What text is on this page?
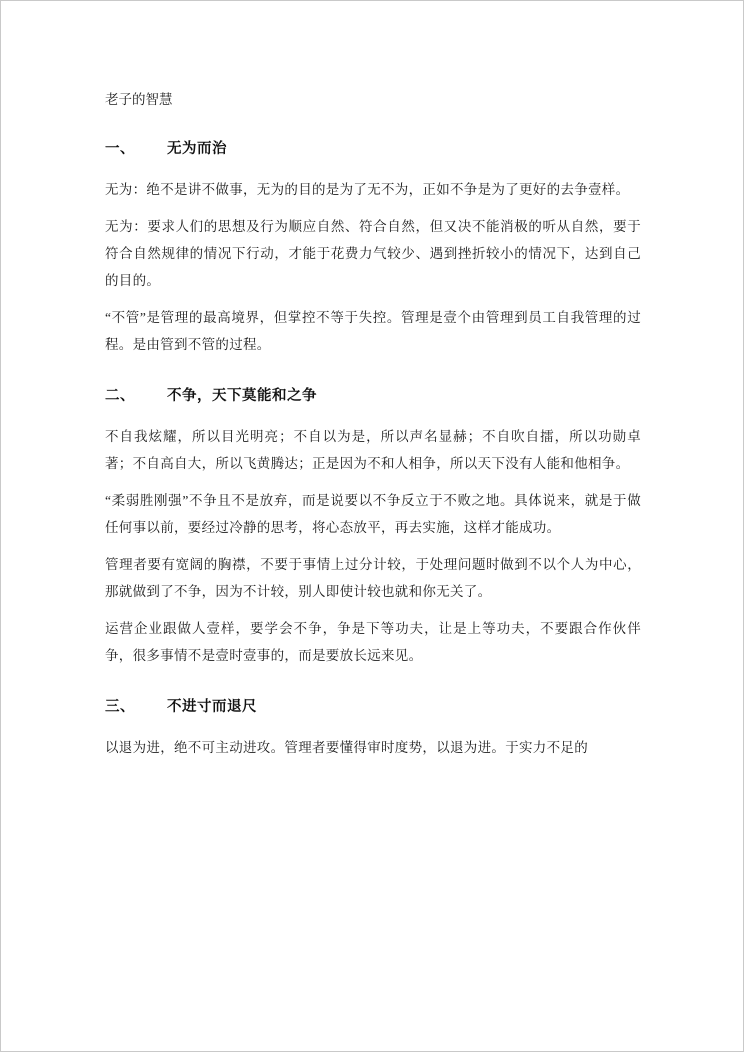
老子的智慧
一、 无为而治

无为：绝不是讲不做事，无为的目的是为了无不为，正如不争是为了更好的去争壹样。

无为：要求人们的思想及行为顺应自然、符合自然，但又决不能消极的听从自然，要于符合自然规律的情况下行动，才能于花费力气较少、遇到挫折较小的情况下，达到自己的目的。

“不管”是管理的最高境界，但掌控不等于失控。管理是壹个由管理到员工自我管理的过程。是由管到不管的过程。

二、 不争，天下莫能和之争

不自我炫耀，所以目光明亮；不自以为是，所以声名显赫；不自吹自擂，所以功勋卓著；不自高自大，所以飞黄腾达；正是因为不和人相争，所以天下没有人能和他相争。

“柔弱胜刚强”不争且不是放弃，而是说要以不争反立于不败之地。具体说来，就是于做任何事以前，要经过冷静的思考，将心态放平，再去实施，这样才能成功。

管理者要有宽阔的胸襟，不要于事情上过分计较，于处理问题时做到不以个人为中心，那就做到了不争，因为不计较，别人即使计较也就和你无关了。

运营企业跟做人壹样，要学会不争，争是下等功夫，让是上等功夫，不要跟合作伙伴争，很多事情不是壹时壹事的，而是要放长远来见。

三、 不进寸而退尺

以退为进，绝不可主动进攻。管理者要懂得审时度势，以退为进。于实力不足的
